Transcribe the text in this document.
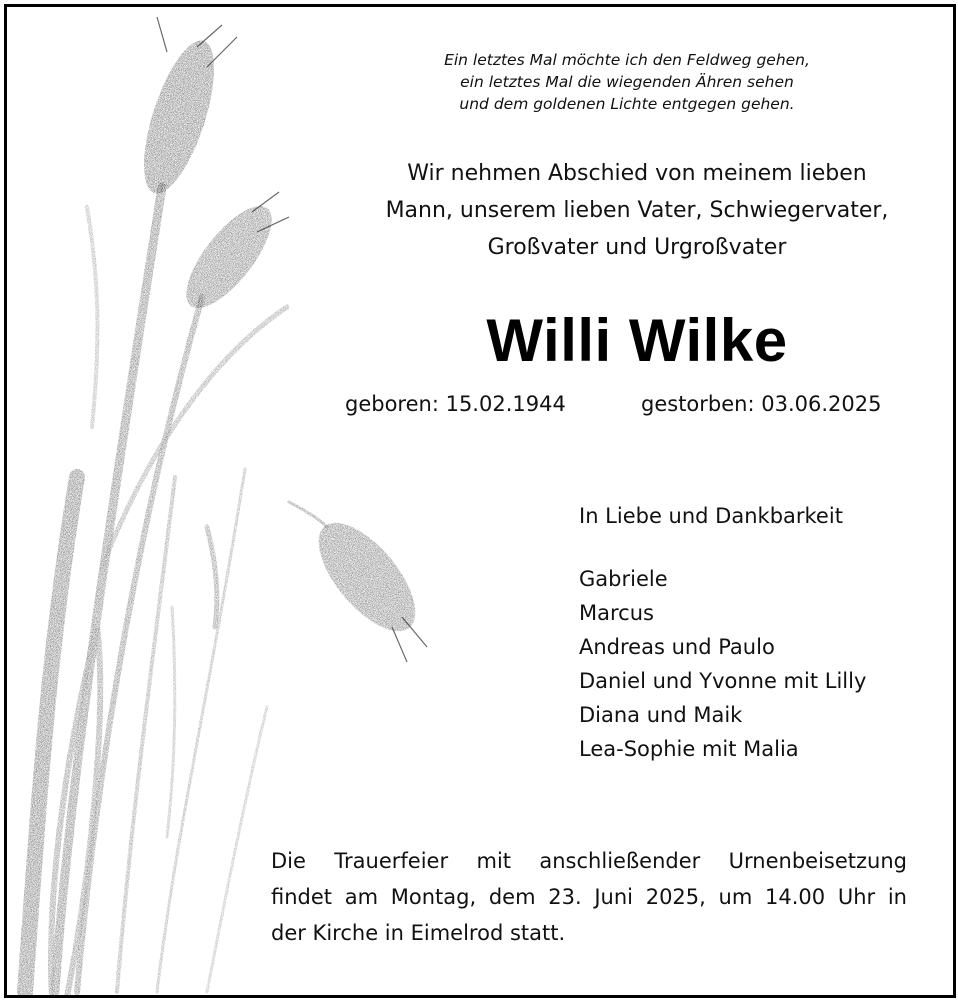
Ein letztes Mal möchte ich den Feldweg gehen,
ein letztes Mal die wiegenden Ähren sehen
und dem goldenen Lichte entgegen gehen.
Wir nehmen Abschied von meinem lieben
Mann, unserem lieben Vater, Schwiegervater,
Großvater und Urgroßvater
Willi Wilke
geboren: 15.02.1944	gestorben: 03.06.2025
In Liebe und Dankbarkeit
Gabriele
Marcus
Andreas und Paulo
Daniel und Yvonne mit Lilly
Diana und Maik
Lea-Sophie mit Malia
Die Trauerfeier mit anschließender Urnenbeisetzung
findet am Montag, dem 23. Juni 2025, um 14.00 Uhr in
der Kirche in Eimelrod statt.
